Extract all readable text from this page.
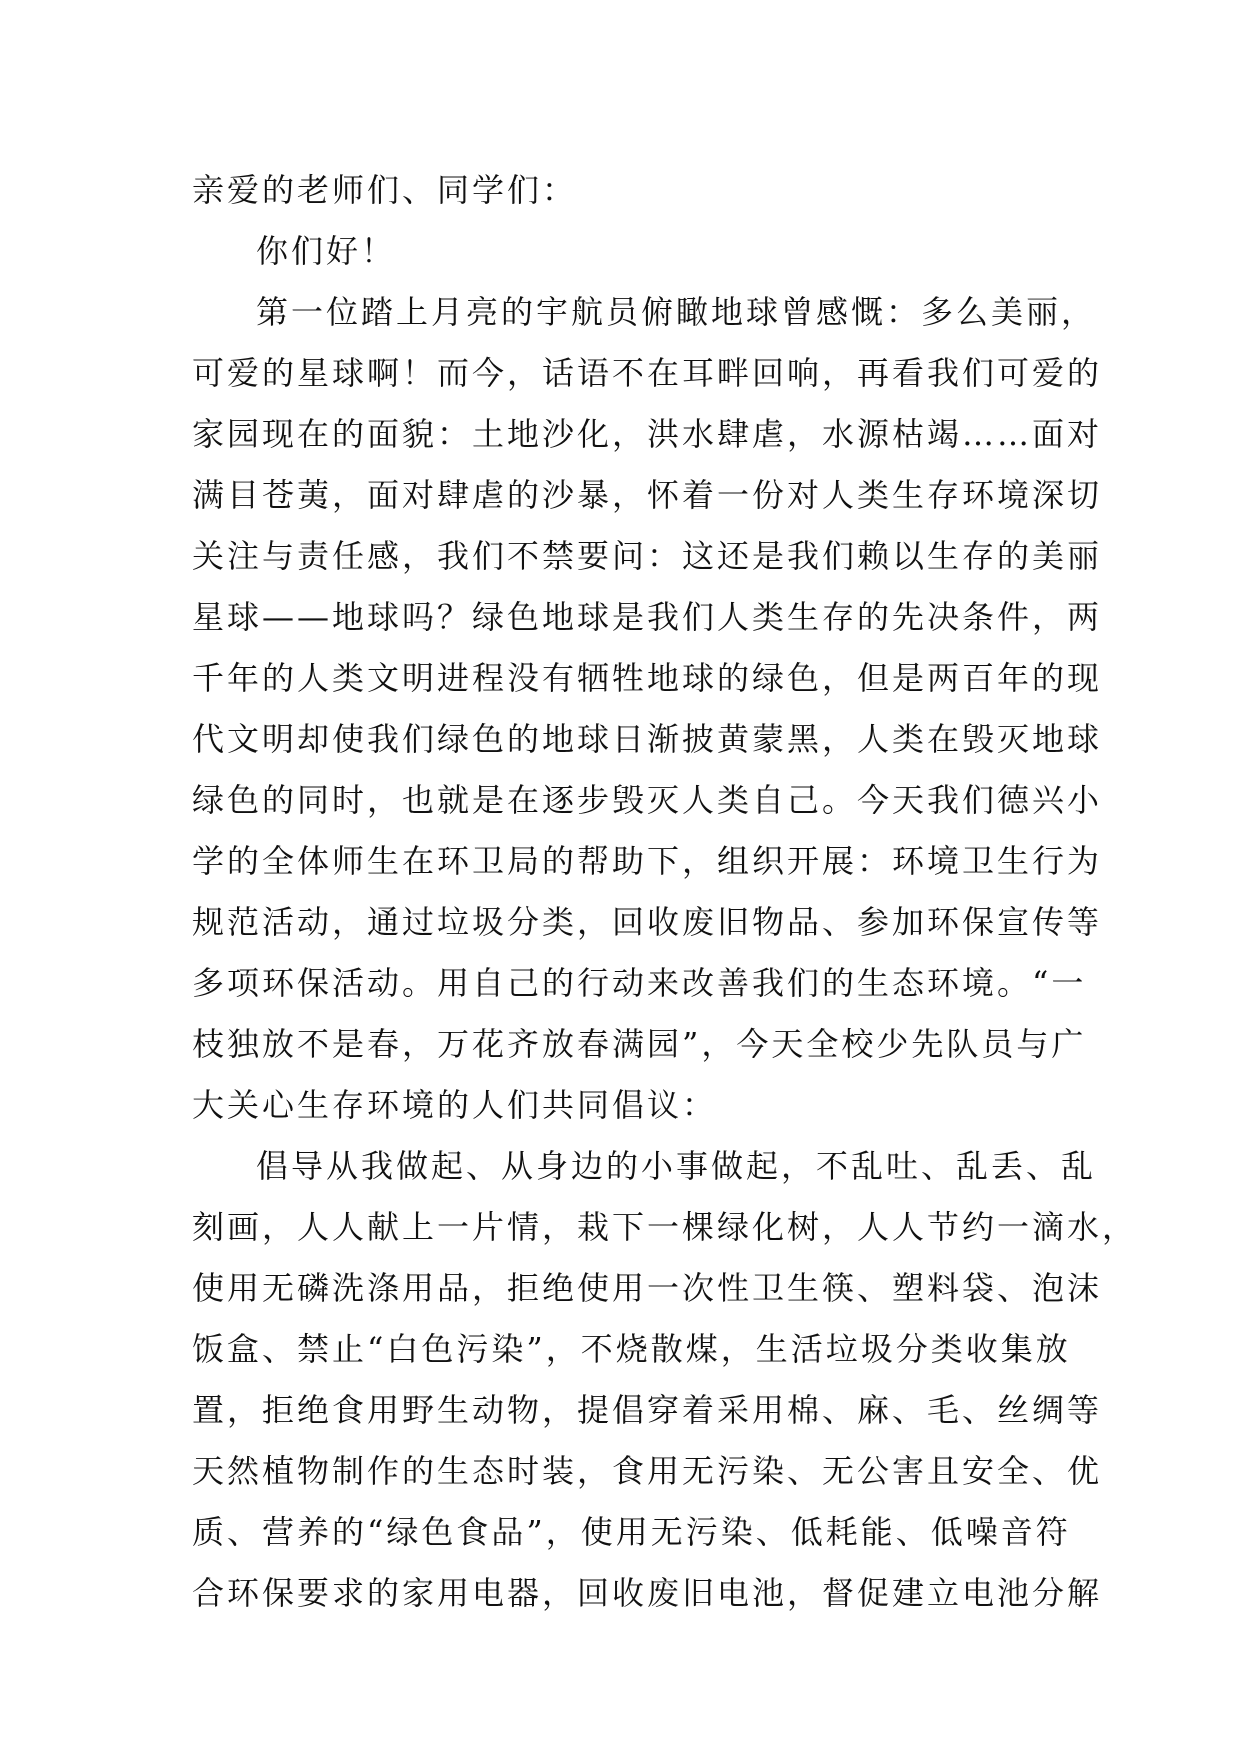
亲爱的老师们、同学们：
你们好！
第一位踏上月亮的宇航员俯瞰地球曾感慨：多么美丽，
可爱的星球啊！而今，话语不在耳畔回响，再看我们可爱的
家园现在的面貌：土地沙化，洪水肆虐，水源枯竭……面对
满目苍荑，面对肆虐的沙暴，怀着一份对人类生存环境深切
关注与责任感，我们不禁要问：这还是我们赖以生存的美丽
星球——地球吗？绿色地球是我们人类生存的先决条件，两
千年的人类文明进程没有牺牲地球的绿色，但是两百年的现
代文明却使我们绿色的地球日渐披黄蒙黑，人类在毁灭地球
绿色的同时，也就是在逐步毁灭人类自己。今天我们德兴小
学的全体师生在环卫局的帮助下，组织开展：环境卫生行为
规范活动，通过垃圾分类，回收废旧物品、参加环保宣传等
多项环保活动。用自己的行动来改善我们的生态环境。“一
枝独放不是春，万花齐放春满园”，今天全校少先队员与广
大关心生存环境的人们共同倡议：
倡导从我做起、从身边的小事做起，不乱吐、乱丢、乱
刻画，人人献上一片情，栽下一棵绿化树，人人节约一滴水，
使用无磷洗涤用品，拒绝使用一次性卫生筷、塑料袋、泡沫
饭盒、禁止“白色污染”，不烧散煤，生活垃圾分类收集放
置，拒绝食用野生动物，提倡穿着采用棉、麻、毛、丝绸等
天然植物制作的生态时装，食用无污染、无公害且安全、优
质、营养的“绿色食品”，使用无污染、低耗能、低噪音符
合环保要求的家用电器，回收废旧电池，督促建立电池分解
